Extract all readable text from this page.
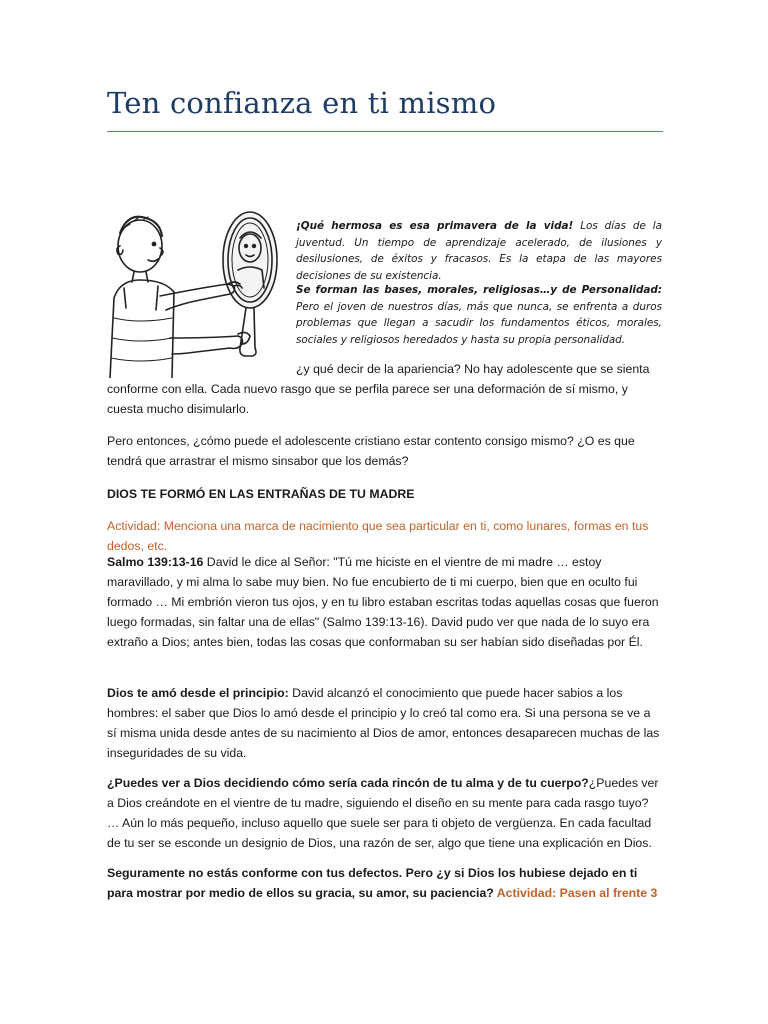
Ten confianza en ti mismo

¡Qué hermosa es esa primavera de la vida! Los días de la juventud. Un tiempo de aprendizaje acelerado, de ilusiones y desilusiones, de éxitos y fracasos. Es la etapa de las mayores decisiones de su existencia.

Se forman las bases, morales, religiosas…y de Personalidad: Pero el joven de nuestros días, más que nunca, se enfrenta a duros problemas que llegan a sacudir los fundamentos éticos, morales, sociales y religiosos heredados y hasta su propia personalidad.

¿y qué decir de la apariencia? No hay adolescente que se sienta

conforme con ella. Cada nuevo rasgo que se perfila parece ser una deformación de sí mismo, y cuesta mucho disimularlo.

Pero entonces, ¿cómo puede el adolescente cristiano estar contento consigo mismo? ¿O es que tendrá que arrastrar el mismo sinsabor que los demás?

DIOS TE FORMÓ EN LAS ENTRAÑAS DE TU MADRE

Actividad: Menciona una marca de nacimiento que sea particular en ti, como lunares, formas en tus dedos, etc.

Salmo 139:13-16 David le dice al Señor: "Tú me hiciste en el vientre de mi madre … estoy maravillado, y mi alma lo sabe muy bien. No fue encubierto de ti mi cuerpo, bien que en oculto fui formado … Mi embrión vieron tus ojos, y en tu libro estaban escritas todas aquellas cosas que fueron luego formadas, sin faltar una de ellas" (Salmo 139:13-16). David pudo ver que nada de lo suyo era extraño a Dios; antes bien, todas las cosas que conformaban su ser habían sido diseñadas por Él.

Dios te amó desde el principio: David alcanzó el conocimiento que puede hacer sabios a los hombres: el saber que Dios lo amó desde el principio y lo creó tal como era. Si una persona se ve a sí misma unida desde antes de su nacimiento al Dios de amor, entonces desaparecen muchas de las inseguridades de su vida.

¿Puedes ver a Dios decidiendo cómo sería cada rincón de tu alma y de tu cuerpo?¿Puedes ver a Dios creándote en el vientre de tu madre, siguiendo el diseño en su mente para cada rasgo tuyo? … Aún lo más pequeño, incluso aquello que suele ser para ti objeto de vergüenza. En cada facultad de tu ser se esconde un designio de Dios, una razón de ser, algo que tiene una explicación en Dios.

Seguramente no estás conforme con tus defectos. Pero ¿y si Dios los hubiese dejado en ti para mostrar por medio de ellos su gracia, su amor, su paciencia? Actividad: Pasen al frente 3
